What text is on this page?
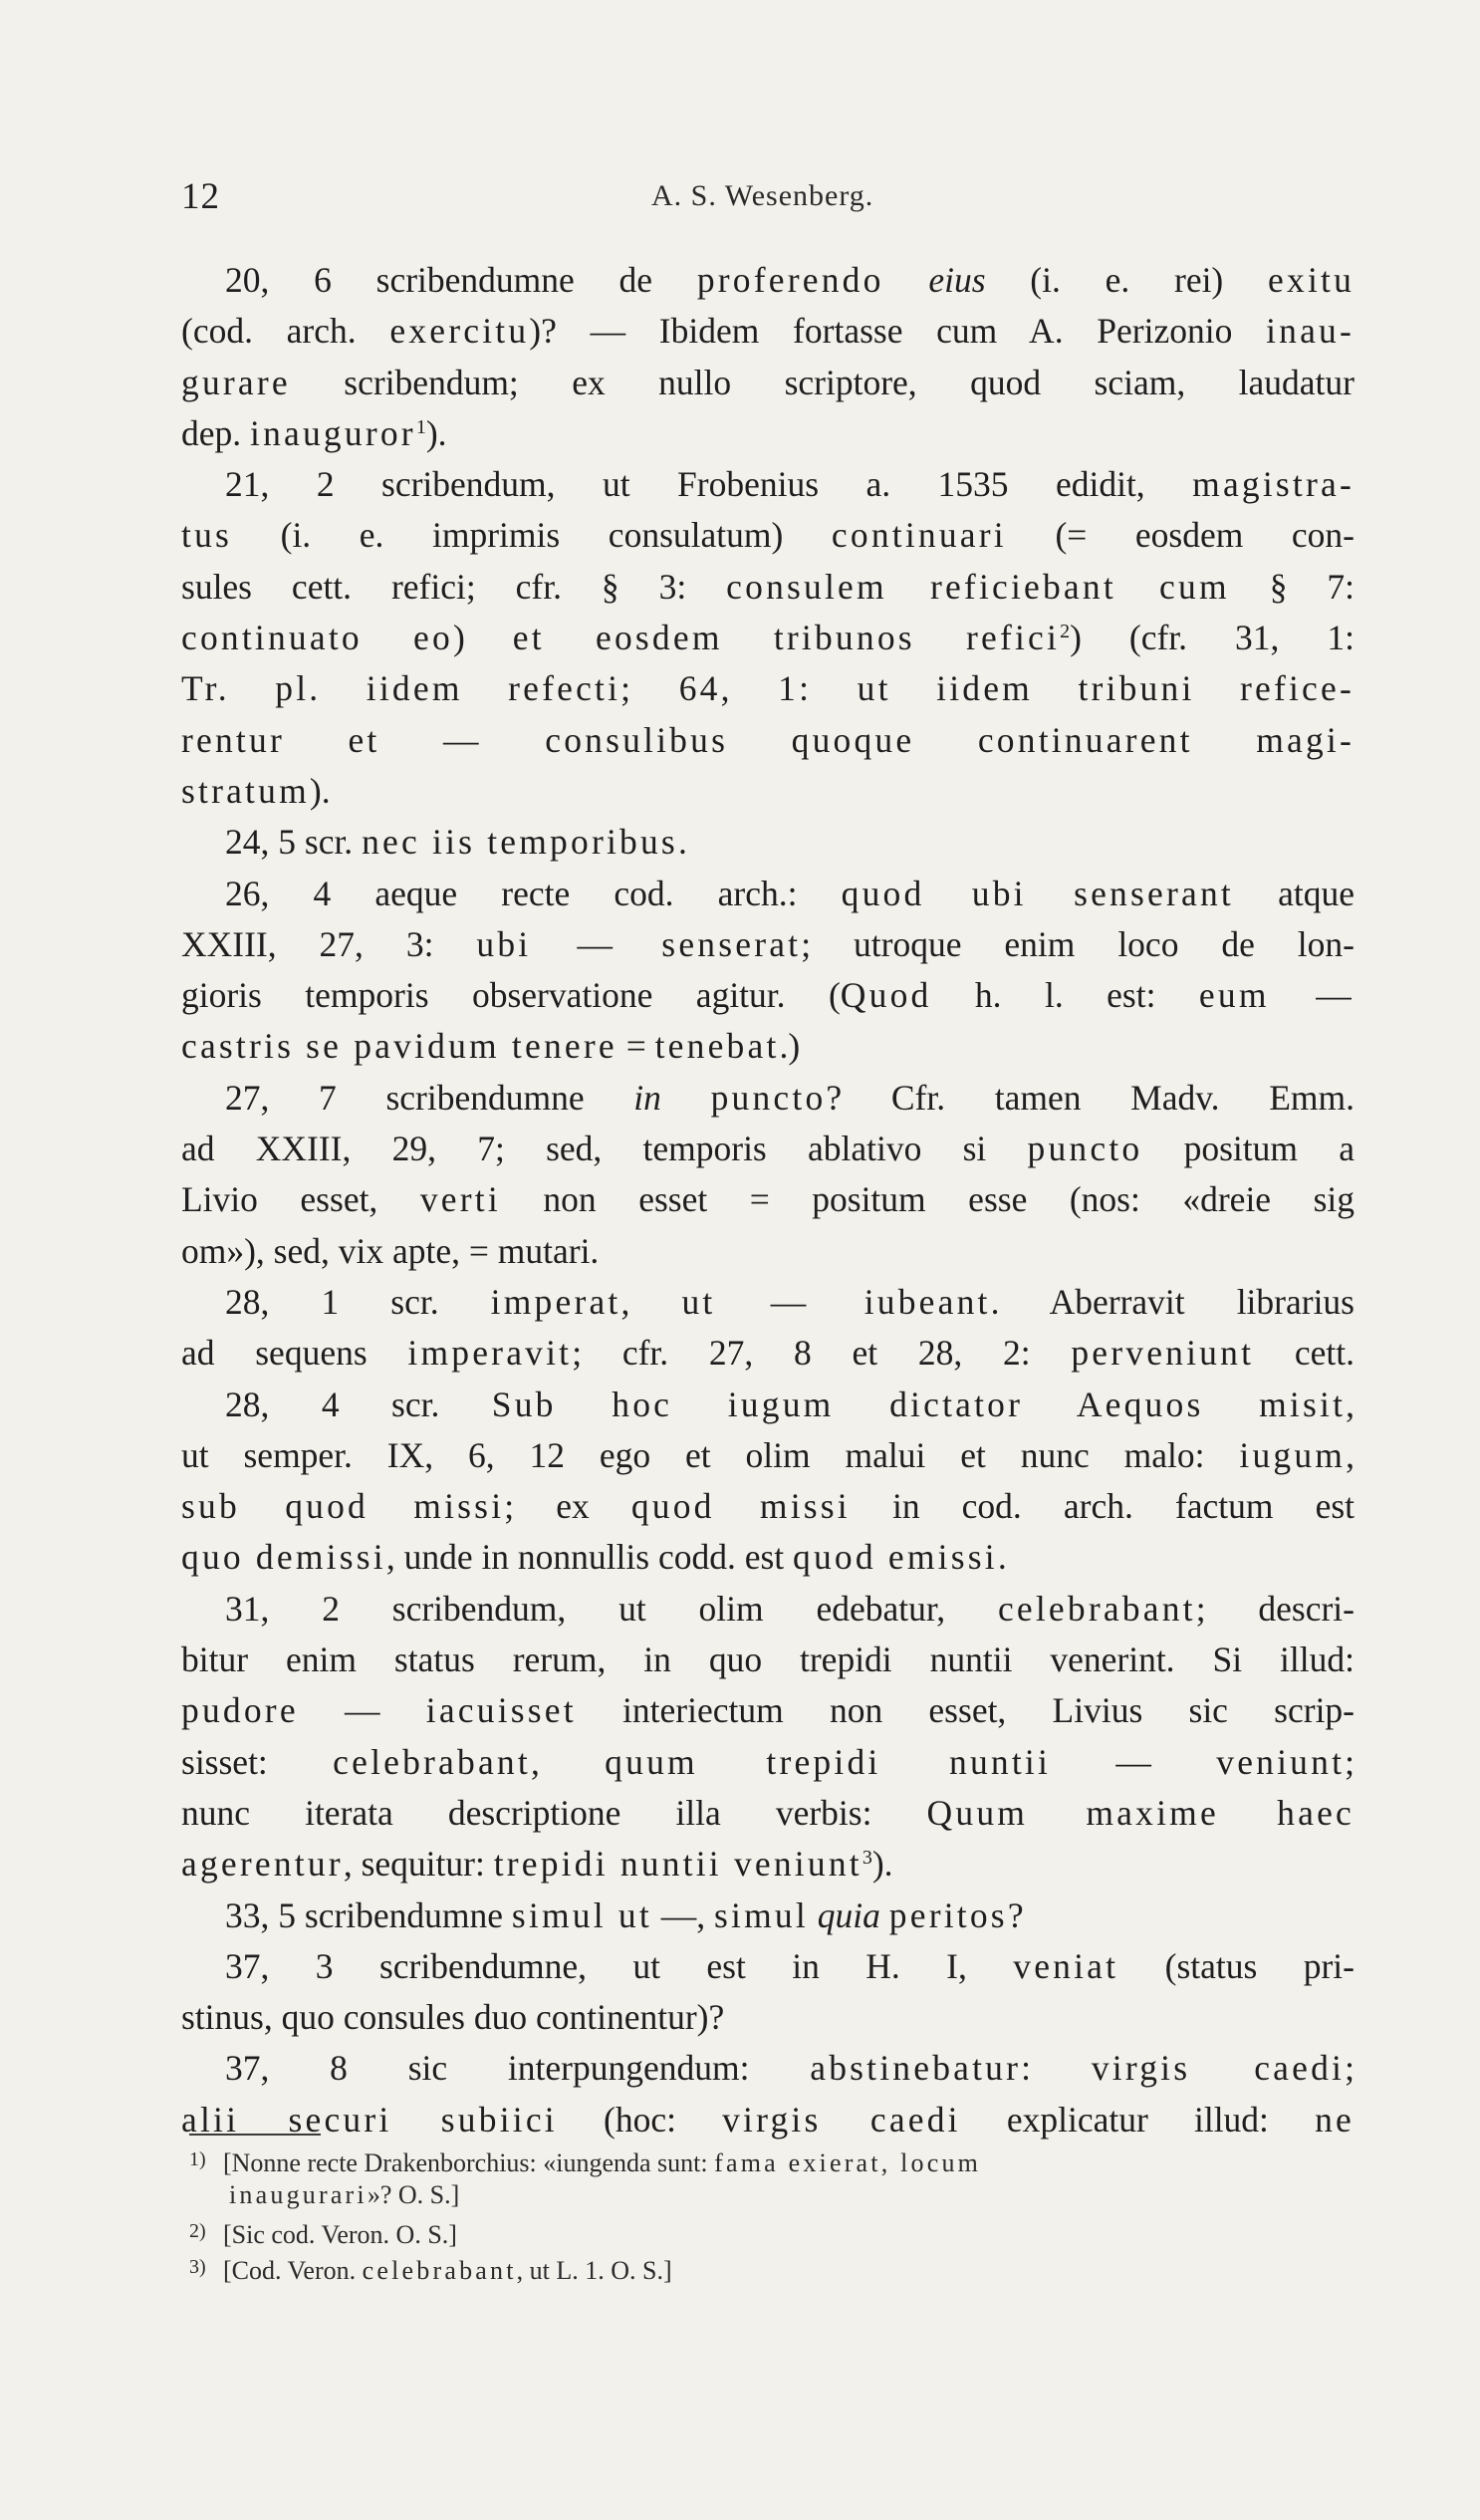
12	A. S. Wesenberg.
20, 6 scribendumne de proferendo eius (i. e. rei) exitu
(cod. arch. exercitu)? — Ibidem fortasse cum A. Perizonio inau-
gurare scribendum; ex nullo scriptore, quod sciam, laudatur
dep. inauguror$^1$).
21, 2 scribendum, ut Frobenius a. 1535 edidit, magistra-
tus (i. e. imprimis consulatum) continuari (= eosdem con-
sules cett. refici; cfr. § 3: consulem reficiebant cum § 7:
continuato eo) et eosdem tribunos refici$^2$) (cfr. 31, 1:
Tr. pl. iidem refecti; 64, 1: ut iidem tribuni refice-
rentur et — consulibus quoque continuarent magi-
stratum).
24, 5 scr. nec iis temporibus.
26, 4 aeque recte cod. arch.: quod ubi senserant atque
XXIII, 27, 3: ubi — senserat; utroque enim loco de lon-
gioris temporis observatione agitur. (Quod h. l. est: eum —
castris se pavidum tenere = tenebat.)
27, 7 scribendumne in puncto? Cfr. tamen Madv. Emm.
ad XXIII, 29, 7; sed, temporis ablativo si puncto positum a
Livio esset, verti non esset = positum esse (nos: «dreie sig
om»), sed, vix apte, = mutari.
28, 1 scr. imperat, ut — iubeant. Aberravit librarius
ad sequens imperavit; cfr. 27, 8 et 28, 2: perveniunt cett.
28, 4 scr. Sub hoc iugum dictator Aequos misit,
ut semper. IX, 6, 12 ego et olim malui et nunc malo: iugum,
sub quod missi; ex quod missi in cod. arch. factum est
quo demissi, unde in nonnullis codd. est quod emissi.
31, 2 scribendum, ut olim edebatur, celebrabant; descri-
bitur enim status rerum, in quo trepidi nuntii venerint. Si illud:
pudore — iacuisset interiectum non esset, Livius sic scrip-
sisset: celebrabant, quum trepidi nuntii — veniunt;
nunc iterata descriptione illa verbis: Quum maxime haec
agerentur, sequitur: trepidi nuntii veniunt$^3$).
33, 5 scribendumne simul ut —, simul quia peritos?
37, 3 scribendumne, ut est in H. I, veniat (status pri-
stinus, quo consules duo continentur)?
37, 8 sic interpungendum: abstinebatur: virgis caedi;
alii securi subiici (hoc: virgis caedi explicatur illud: ne
1) [Nonne recte Drakenborchius: «iungenda sunt: fama exierat, locum
inaugurari»? O. S.]
2) [Sic cod. Veron. O. S.]
3) [Cod. Veron. celebrabant, ut L. 1. O. S.]
